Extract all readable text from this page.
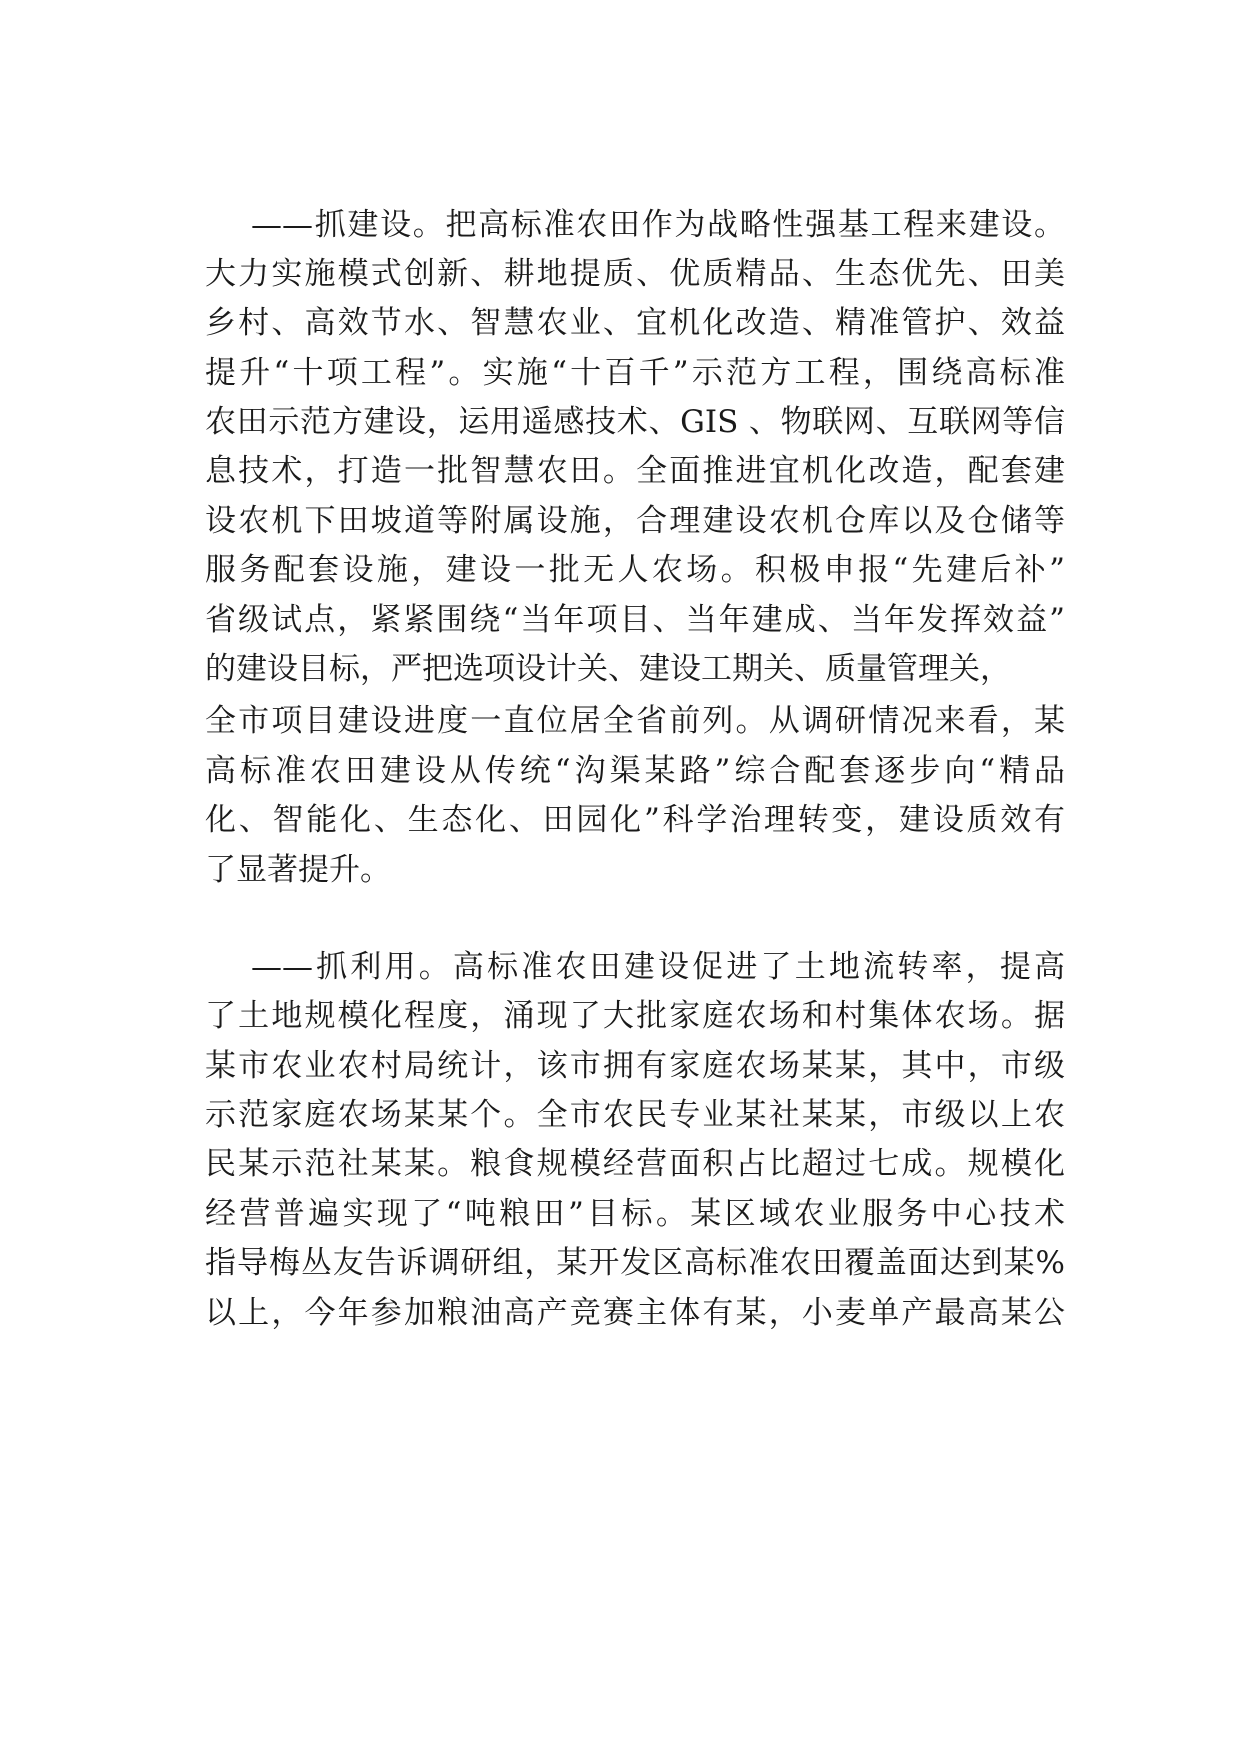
——抓建设。把高标准农田作为战略性强基工程来建设。
大力实施模式创新、耕地提质、优质精品、生态优先、田美
乡村、高效节水、智慧农业、宜机化改造、精准管护、效益
提升“十项工程”。实施“十百千”示范方工程，围绕高标准
农田示范方建设，运用遥感技术、GIS 、物联网、互联网等信
息技术，打造一批智慧农田。全面推进宜机化改造，配套建
设农机下田坡道等附属设施，合理建设农机仓库以及仓储等
服务配套设施，建设一批无人农场。积极申报“先建后补”
省级试点，紧紧围绕“当年项目、当年建成、当年发挥效益”
的建设目标，严把选项设计关、建设工期关、质量管理关，
全市项目建设进度一直位居全省前列。从调研情况来看，某
高标准农田建设从传统“沟渠某路”综合配套逐步向“精品
化、智能化、生态化、田园化”科学治理转变，建设质效有
了显著提升。
——抓利用。高标准农田建设促进了土地流转率，提高
了土地规模化程度，涌现了大批家庭农场和村集体农场。据
某市农业农村局统计，该市拥有家庭农场某某，其中，市级
示范家庭农场某某个。全市农民专业某社某某，市级以上农
民某示范社某某。粮食规模经营面积占比超过七成。规模化
经营普遍实现了“吨粮田”目标。某区域农业服务中心技术
指导梅丛友告诉调研组，某开发区高标准农田覆盖面达到某%
以上，今年参加粮油高产竞赛主体有某，小麦单产最高某公
